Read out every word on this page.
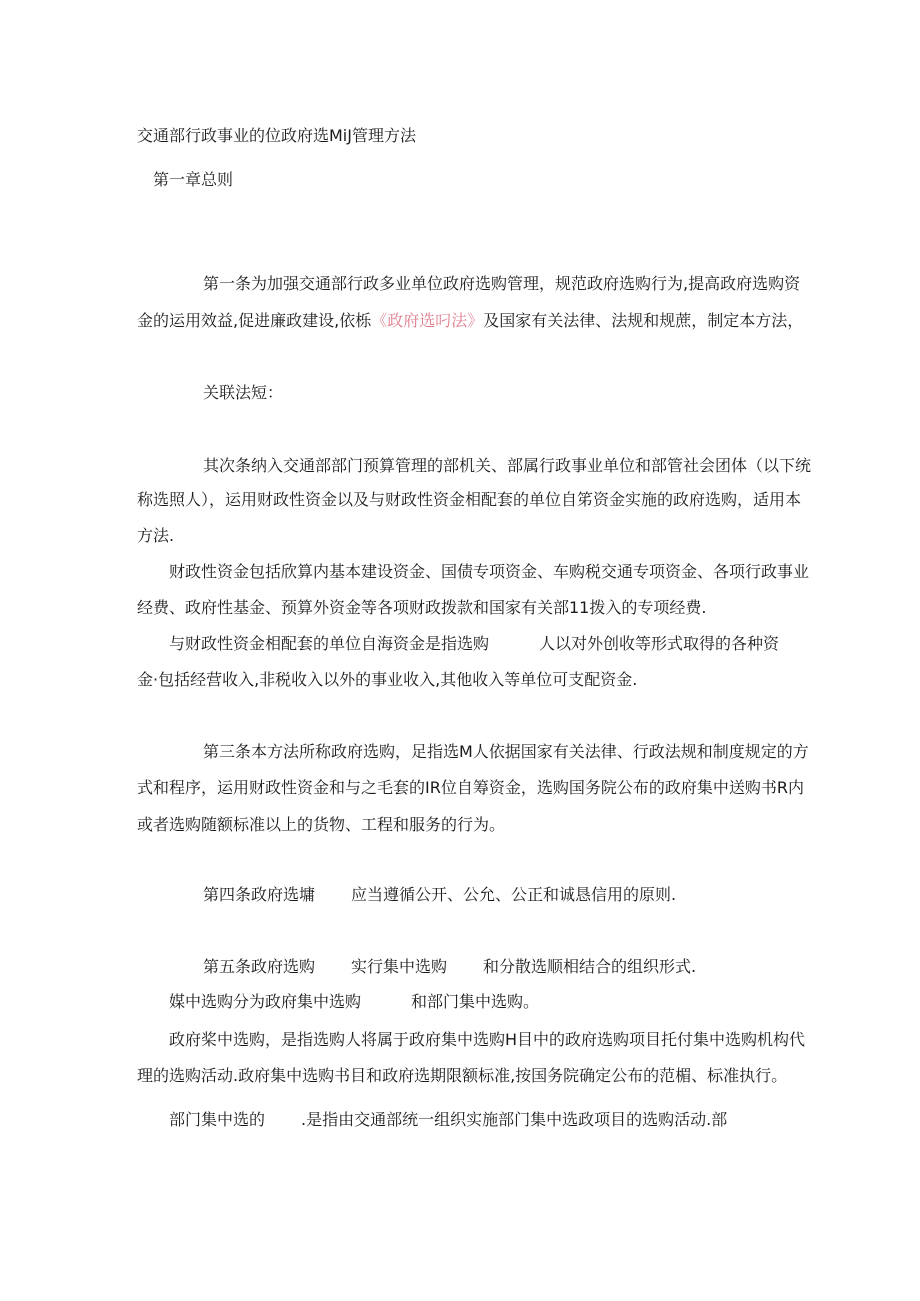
交通部行政事业的位政府选MiJ管理方法

第一章总则

第一条为加强交通部行政多业单位政府选购管理，规范政府选购行为,提高政府选购资

金的运用效益,促进廉政建设,依栎《政府选叼法》及国家有关法律、法规和规蔗，制定本方法，

关联法短：

其次条纳入交通部部门预算管理的部机关、部属行政事业单位和部管社会团体（以下统

称选照人），运用财政性资金以及与财政性资金相配套的单位自笫资金实施的政府选购，适用本

方法.

财政性资金包括欣算内基本建设资金、国债专项资金、车购税交通专项资金、各项行政事业

经费、政府性基金、预算外资金等各项财政拨款和国家有关部11拨入的专项经费.

与财政性资金相配套的单位自海资金是指选购	人以对外创收等形式取得的各种资

金·包括经营收入,非税收入以外的事业收入,其他收入等单位可支配资金.

第三条本方法所称政府选购，足指选M人依据国家有关法律、行政法规和制度规定的方

式和程序，运用财政性资金和与之毛套的IR位自筹资金，选购国务院公布的政府集中送购书R内

或者选购随额标准以上的货物、工程和服务的行为。

第四条政府选墉 应当遵循公开、公允、公正和诚恳信用的原则.

第五条政府选购 实行集中选购 和分散选顺相结合的组织形式.

媒中选购分为政府集中选购	和部门集中选购。

政府桨中选购，是指选购人将属于政府集中选购H目中的政府选购项目托付集中选购机构代

理的选购活动.政府集中选购书目和政府选期限额标准,按国务院确定公布的范楣、标准执行。

部门集中选的 .是指由交通部统一组织实施部门集中选政项目的选购活动.部
